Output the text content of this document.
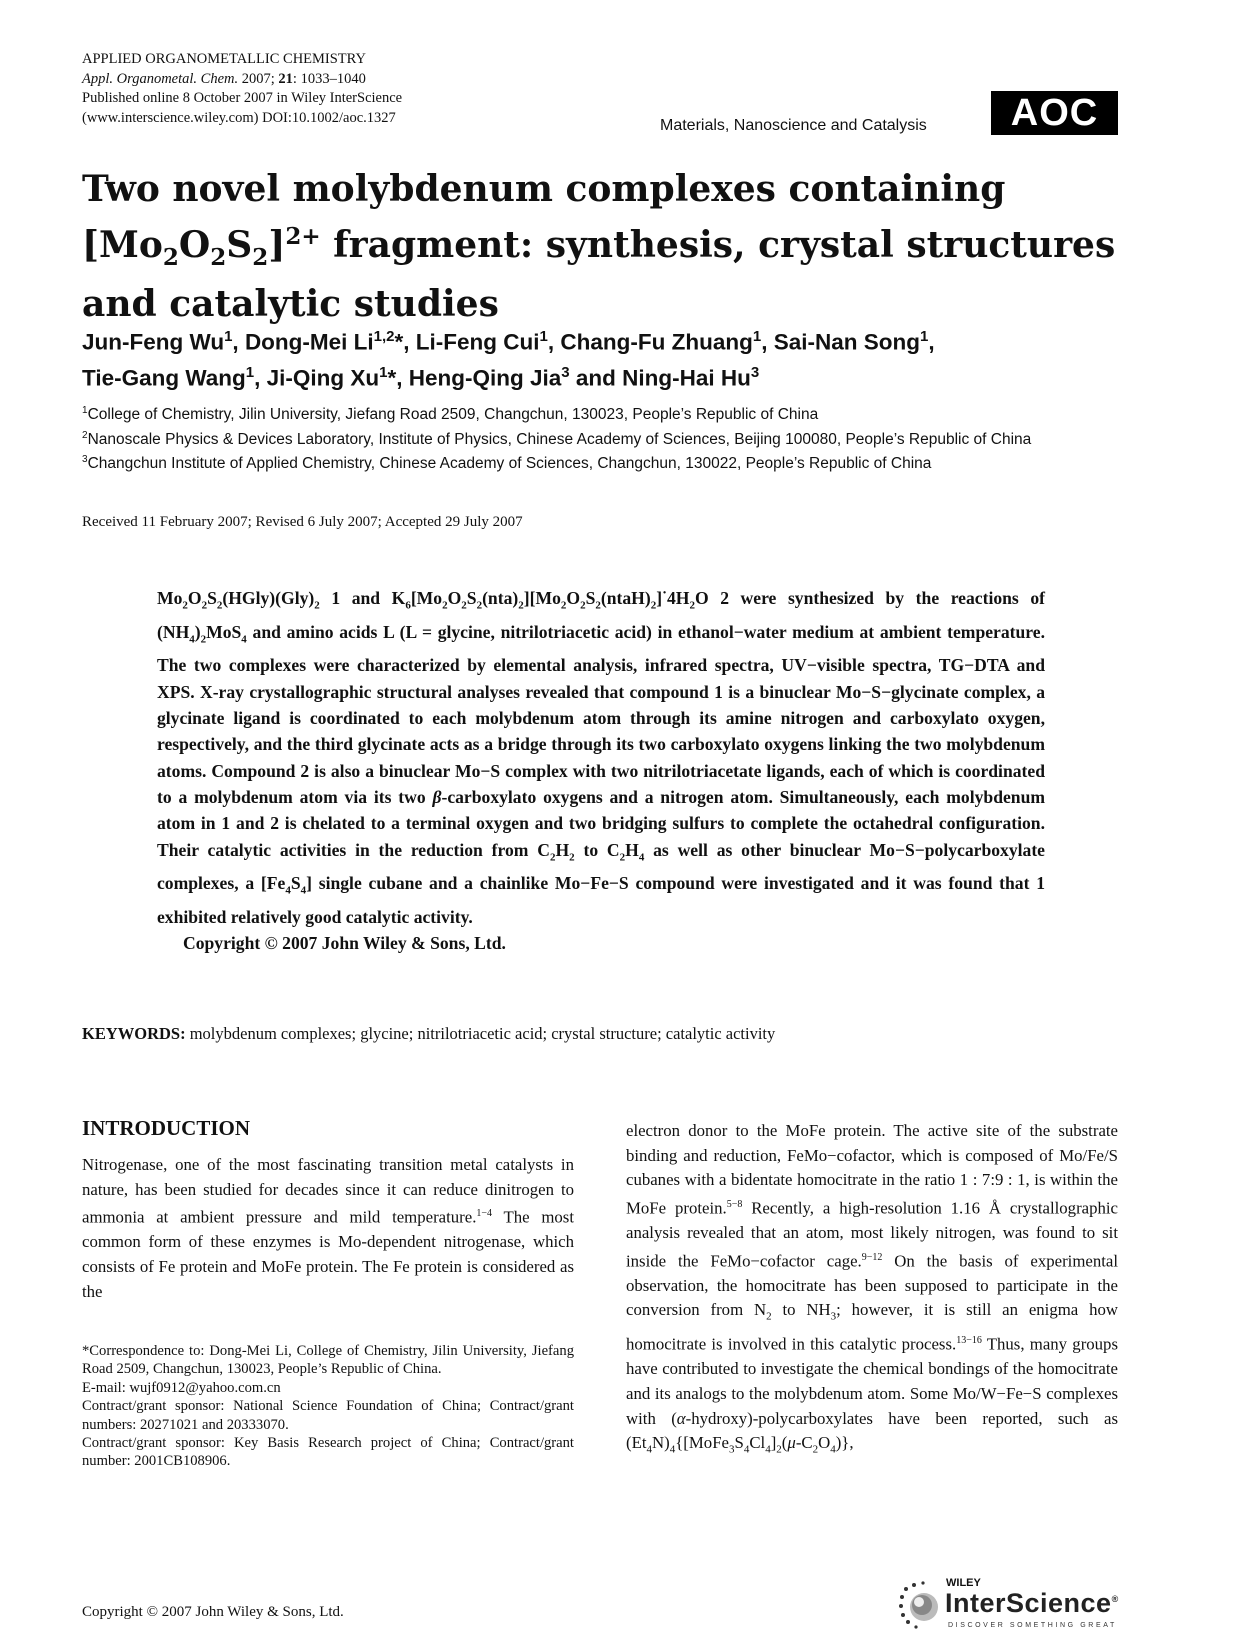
APPLIED ORGANOMETALLIC CHEMISTRY
Appl. Organometal. Chem. 2007; 21: 1033–1040
Published online 8 October 2007 in Wiley InterScience
(www.interscience.wiley.com) DOI:10.1002/aoc.1327	Materials, Nanoscience and Catalysis	AOC
Two novel molybdenum complexes containing
$[Mo_2O_2S_2]^{2+}$ fragment: synthesis, crystal structures
and catalytic studies
Jun-Feng Wu$^1$, Dong-Mei Li$^{1,2}$*, Li-Feng Cui$^1$, Chang-Fu Zhuang$^1$, Sai-Nan Song$^1$,
Tie-Gang Wang$^1$, Ji-Qing Xu$^1$*, Heng-Qing Jia$^3$ and Ning-Hai Hu$^3$
$^1$College of Chemistry, Jilin University, Jiefang Road 2509, Changchun, 130023, People’s Republic of China
$^2$Nanoscale Physics & Devices Laboratory, Institute of Physics, Chinese Academy of Sciences, Beijing 100080, People’s Republic of China
$^3$Changchun Institute of Applied Chemistry, Chinese Academy of Sciences, Changchun, 130022, People’s Republic of China
Received 11 February 2007; Revised 6 July 2007; Accepted 29 July 2007
$Mo_2O_2S_2(HGly)(Gly)_2$ 1 and $K_6[Mo_2O_2S_2(nta)_2][Mo_2O_2S_2(ntaH)_2]^\cdot 4H_2O$ 2 were synthesized by the reactions of $(NH_4)_2MoS_4$ and amino acids L (L = glycine, nitrilotriacetic acid) in ethanol−water medium at ambient temperature. The two complexes were characterized by elemental analysis, infrared spectra, UV−visible spectra, TG−DTA and XPS. X-ray crystallographic structural analyses revealed that compound 1 is a binuclear Mo−S−glycinate complex, a glycinate ligand is coordinated to each molybdenum atom through its amine nitrogen and carboxylato oxygen, respectively, and the third glycinate acts as a bridge through its two carboxylato oxygens linking the two molybdenum atoms. Compound 2 is also a binuclear Mo−S complex with two nitrilotriacetate ligands, each of which is coordinated to a molybdenum atom via its two β-carboxylato oxygens and a nitrogen atom. Simultaneously, each molybdenum atom in 1 and 2 is chelated to a terminal oxygen and two bridging sulfurs to complete the octahedral configuration. Their catalytic activities in the reduction from $C_2H_2$ to $C_2H_4$ as well as other binuclear Mo−S−polycarboxylate complexes, a $[Fe_4S_4]$ single cubane and a chainlike Mo−Fe−S compound were investigated and it was found that 1 exhibited relatively good catalytic activity.
Copyright © 2007 John Wiley & Sons, Ltd.
KEYWORDS: molybdenum complexes; glycine; nitrilotriacetic acid; crystal structure; catalytic activity
INTRODUCTION

Nitrogenase, one of the most fascinating transition metal catalysts in nature, has been studied for decades since it can reduce dinitrogen to ammonia at ambient pressure and mild temperature.$^{1-4}$ The most common form of these enzymes is Mo-dependent nitrogenase, which consists of Fe protein and MoFe protein. The Fe protein is considered as the

*Correspondence to: Dong-Mei Li, College of Chemistry, Jilin University, Jiefang Road 2509, Changchun, 130023, People’s Republic of China.
E-mail: wujf0912@yahoo.com.cn
Contract/grant sponsor: National Science Foundation of China; Contract/grant numbers: 20271021 and 20333070.
Contract/grant sponsor: Key Basis Research project of China; Contract/grant number: 2001CB108906.
electron donor to the MoFe protein. The active site of the substrate binding and reduction, FeMo−cofactor, which is composed of Mo/Fe/S cubanes with a bidentate homocitrate in the ratio 1 : 7:9 : 1, is within the MoFe protein.$^{5-8}$ Recently, a high-resolution 1.16 Å crystallographic analysis revealed that an atom, most likely nitrogen, was found to sit inside the FeMo−cofactor cage.$^{9-12}$ On the basis of experimental observation, the homocitrate has been supposed to participate in the conversion from $N_2$ to $NH_3$; however, it is still an enigma how homocitrate is involved in this catalytic process.$^{13-16}$ Thus, many groups have contributed to investigate the chemical bondings of the homocitrate and its analogs to the molybdenum atom. Some Mo/W−Fe−S complexes with (α-hydroxy)-polycarboxylates have been reported, such as $(Et_4N)_4\{[MoFe_3S_4Cl_4]_2(\mu-C_2O_4)\}$,
Copyright © 2007 John Wiley & Sons, Ltd.
WILEY
InterScience®
DISCOVER SOMETHING GREAT
